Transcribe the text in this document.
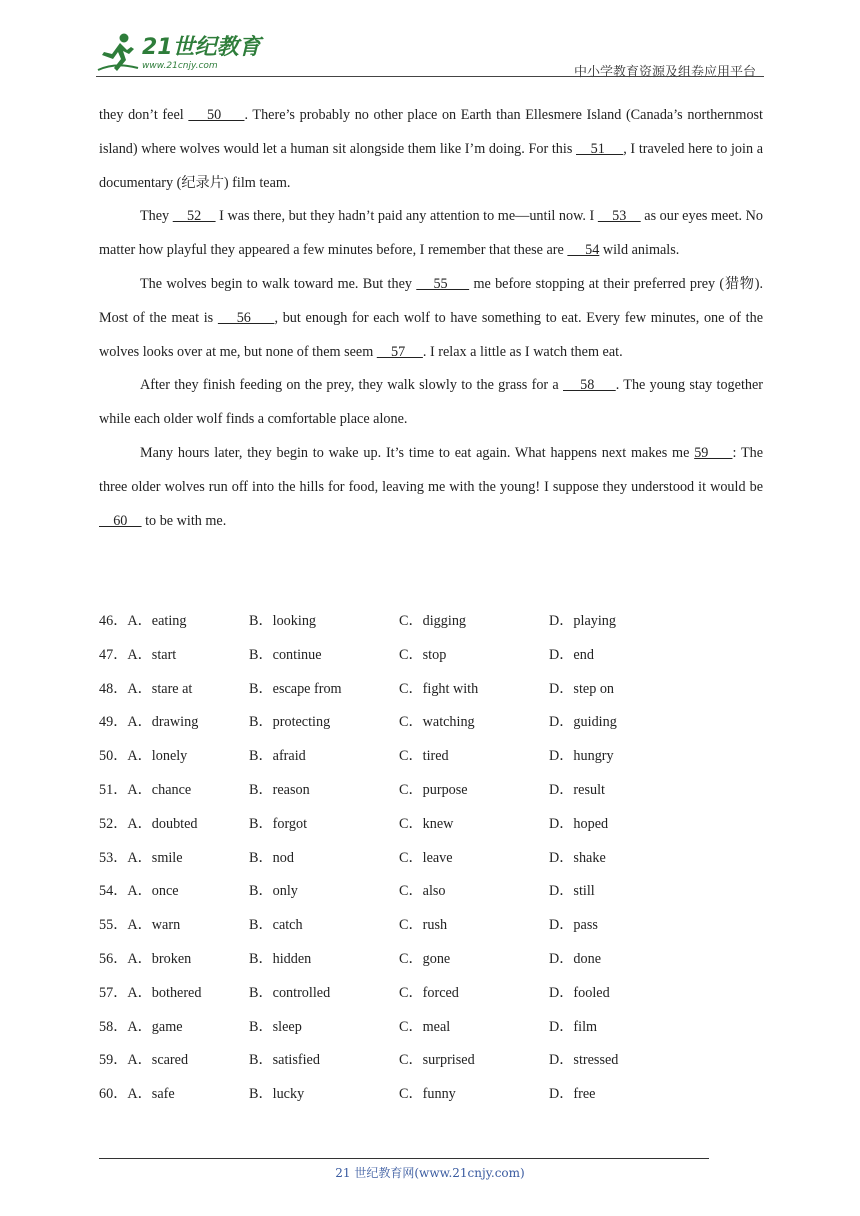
21世纪教育
www.21cnjy.com	中小学教育资源及组卷应用平台

they don’t feel     50     . There’s probably no other place on Earth than Ellesmere Island (Canada’s northernmost island) where wolves would let a human sit alongside them like I’m doing. For this     51     , I traveled here to join a documentary (纪录片) film team.

They     52     I was there, but they hadn’t paid any attention to me—until now. I     53     as our eyes meet. No matter how playful they appeared a few minutes before, I remember that these are      54 wild animals.

The wolves begin to walk toward me. But they     55      me before stopping at their preferred prey (猎物). Most of the meat is     56     , but enough for each wolf to have something to eat. Every few minutes, one of the wolves looks over at me, but none of them seem     57     . I relax a little as I watch them eat.

After they finish feeding on the prey, they walk slowly to the grass for a     58     . The young stay together while each older wolf finds a comfortable place alone.

Many hours later, they begin to wake up. It’s time to eat again. What happens next makes me 59     : The three older wolves run off into the hills for food, leaving me with the young! I suppose they understood it would be     60     to be with me.

46．A．eating	B．looking	C．digging	D．playing
47．A．start	B．continue	C．stop	D．end
48．A．stare at	B．escape from	C．fight with	D．step on
49．A．drawing	B．protecting	C．watching	D．guiding
50．A．lonely	B．afraid	C．tired	D．hungry
51．A．chance	B．reason	C．purpose	D．result
52．A．doubted	B．forgot	C．knew	D．hoped
53．A．smile	B．nod	C．leave	D．shake
54．A．once	B．only	C．also	D．still
55．A．warn	B．catch	C．rush	D．pass
56．A．broken	B．hidden	C．gone	D．done
57．A．bothered	B．controlled	C．forced	D．fooled
58．A．game	B．sleep	C．meal	D．film
59．A．scared	B．satisfied	C．surprised	D．stressed
60．A．safe	B．lucky	C．funny	D．free
21 世纪教育网(www.21cnjy.com)
